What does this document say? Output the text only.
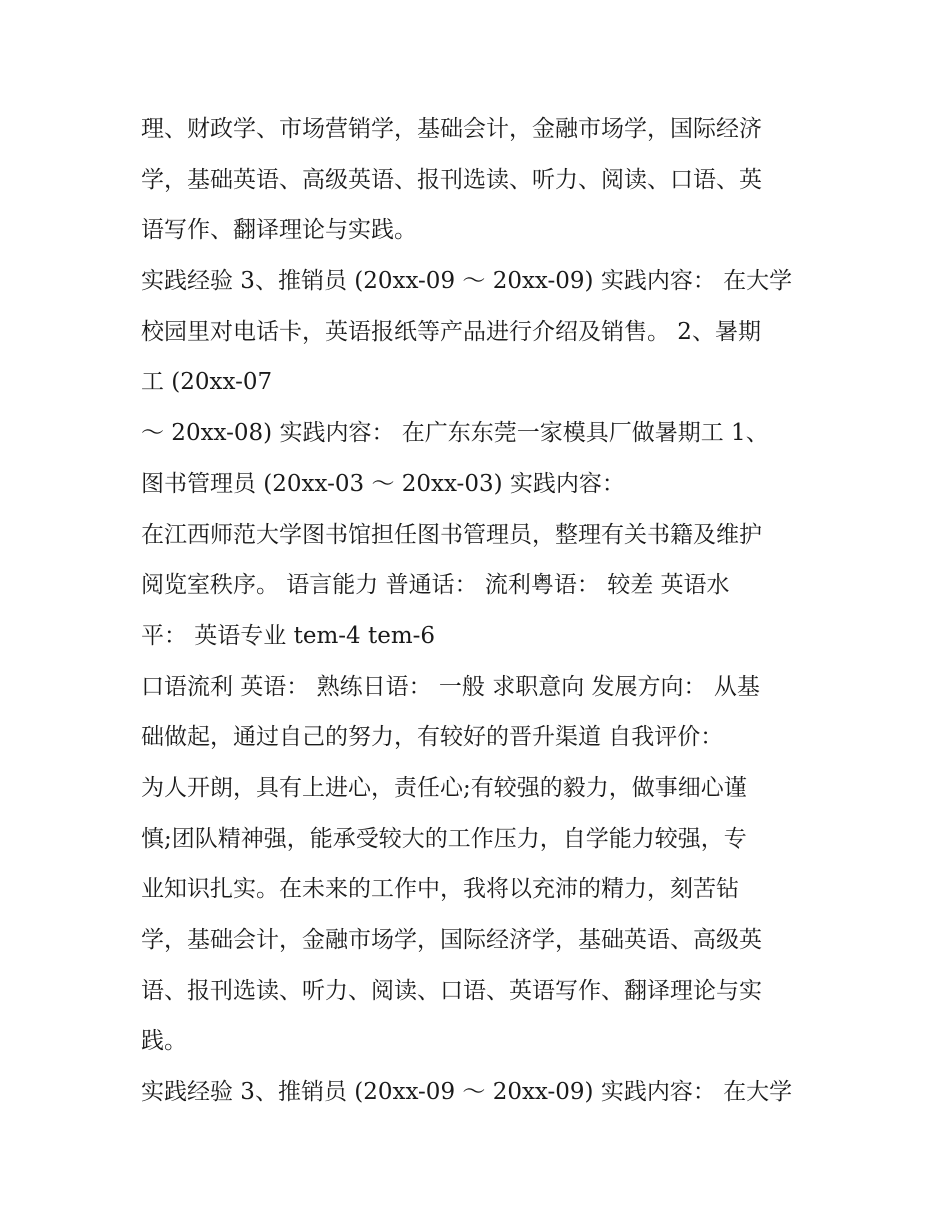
理、财政学、市场营销学，基础会计，金融市场学，国际经济
学，基础英语、高级英语、报刊选读、听力、阅读、口语、英
语写作、翻译理论与实践。
实践经验 3、推销员 (20xx-09 ～ 20xx-09) 实践内容： 在大学
校园里对电话卡，英语报纸等产品进行介绍及销售。 2、暑期
工 (20xx-07
～ 20xx-08) 实践内容： 在广东东莞一家模具厂做暑期工 1、
图书管理员 (20xx-03 ～ 20xx-03) 实践内容：
在江西师范大学图书馆担任图书管理员，整理有关书籍及维护
阅览室秩序。 语言能力 普通话： 流利粤语： 较差 英语水
平： 英语专业 tem-4 tem-6
口语流利 英语： 熟练日语： 一般 求职意向 发展方向： 从基
础做起，通过自己的努力，有较好的晋升渠道 自我评价：
为人开朗，具有上进心，责任心;有较强的毅力，做事细心谨
慎;团队精神强，能承受较大的工作压力，自学能力较强，专
业知识扎实。在未来的工作中，我将以充沛的精力，刻苦钻
学，基础会计，金融市场学，国际经济学，基础英语、高级英
语、报刊选读、听力、阅读、口语、英语写作、翻译理论与实
践。
实践经验 3、推销员 (20xx-09 ～ 20xx-09) 实践内容： 在大学
